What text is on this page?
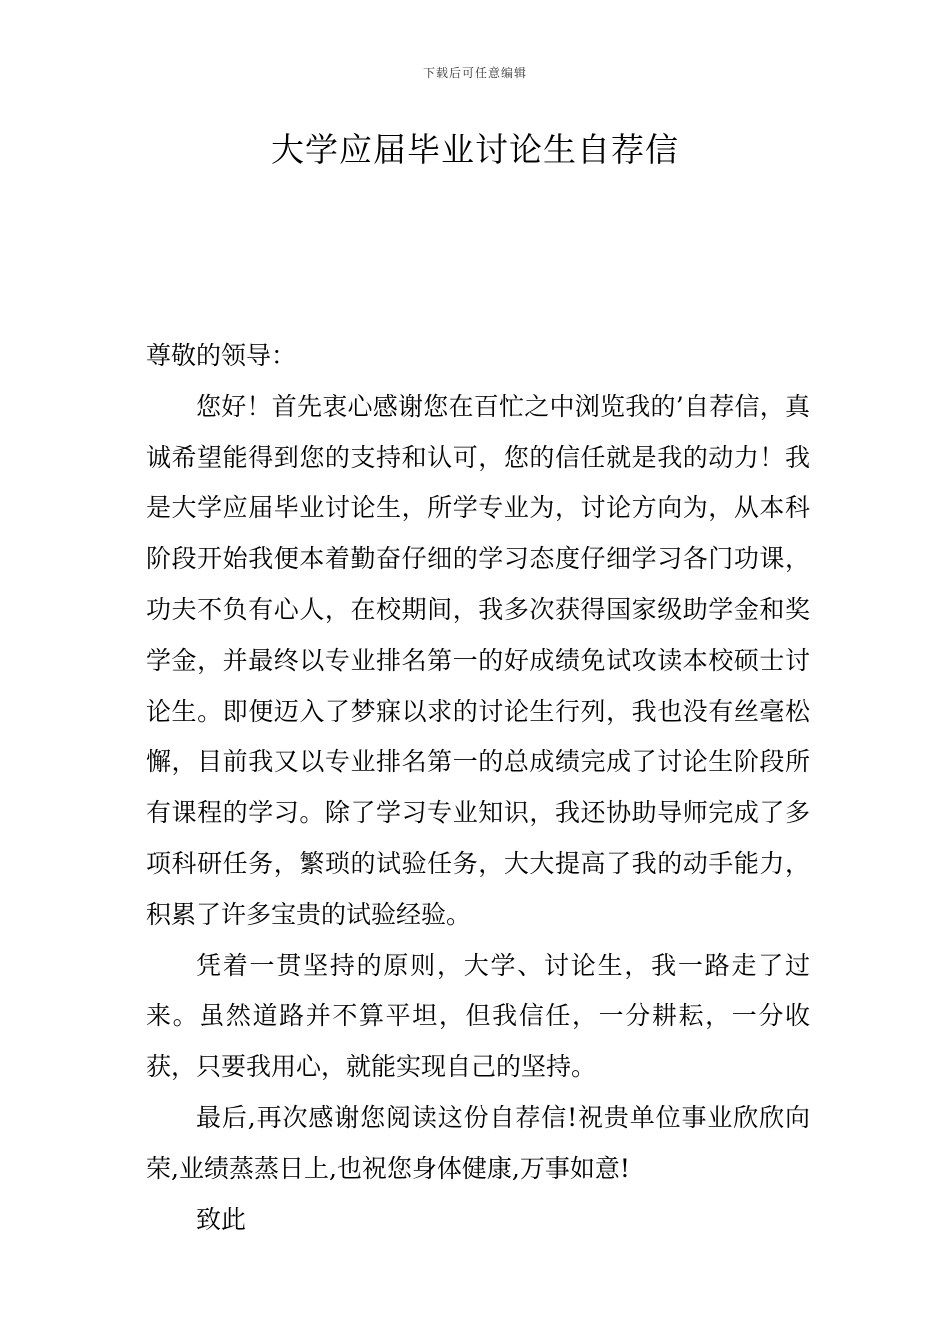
下载后可任意编辑
大学应届毕业讨论生自荐信

尊敬的领导：

您好！首先衷心感谢您在百忙之中浏览我的’自荐信，真诚希望能得到您的支持和认可，您的信任就是我的动力！我是大学应届毕业讨论生，所学专业为，讨论方向为，从本科阶段开始我便本着勤奋仔细的学习态度仔细学习各门功课，功夫不负有心人，在校期间，我多次获得国家级助学金和奖学金，并最终以专业排名第一的好成绩免试攻读本校硕士讨论生。即便迈入了梦寐以求的讨论生行列，我也没有丝毫松懈，目前我又以专业排名第一的总成绩完成了讨论生阶段所有课程的学习。除了学习专业知识，我还协助导师完成了多项科研任务，繁琐的试验任务，大大提高了我的动手能力，积累了许多宝贵的试验经验。

凭着一贯坚持的原则，大学、讨论生，我一路走了过来。虽然道路并不算平坦，但我信任，一分耕耘，一分收获，只要我用心，就能实现自己的坚持。

最后,再次感谢您阅读这份自荐信!祝贵单位事业欣欣向荣,业绩蒸蒸日上,也祝您身体健康,万事如意!

致此
